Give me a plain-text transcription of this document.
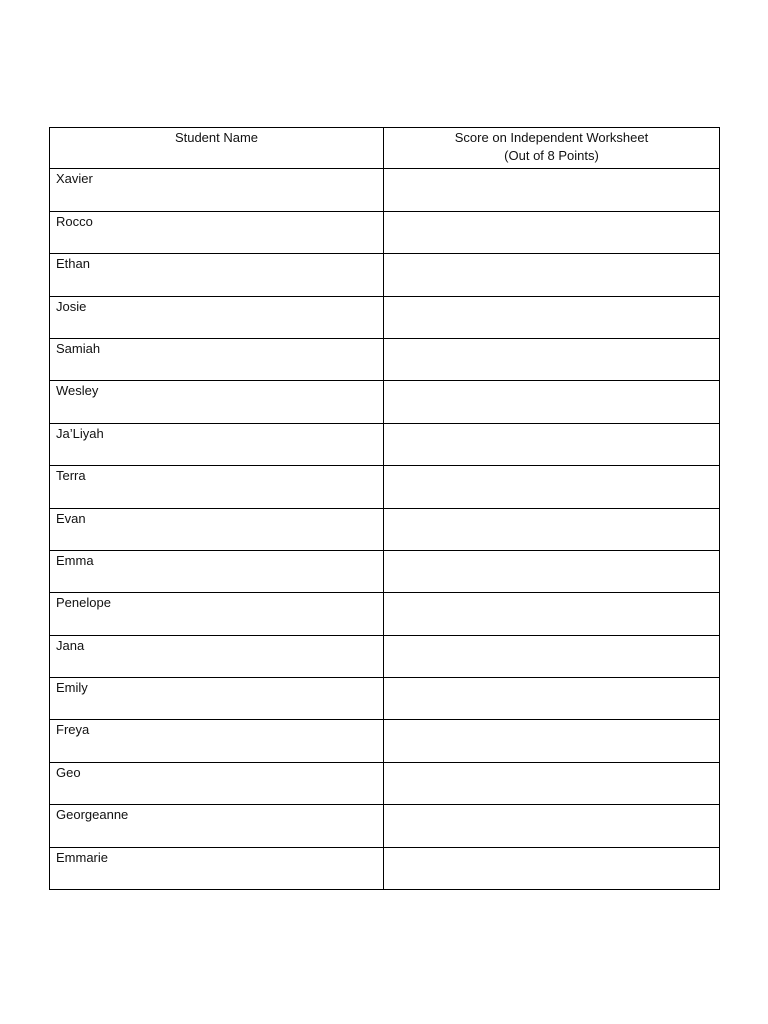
Student Name	Score on Independent Worksheet
(Out of 8 Points)

Xavier	
Rocco	
Ethan	
Josie	
Samiah	
Wesley	
Ja’Liyah	
Terra	
Evan	
Emma	
Penelope	
Jana	
Emily	
Freya	
Geo	
Georgeanne	
Emmarie	
